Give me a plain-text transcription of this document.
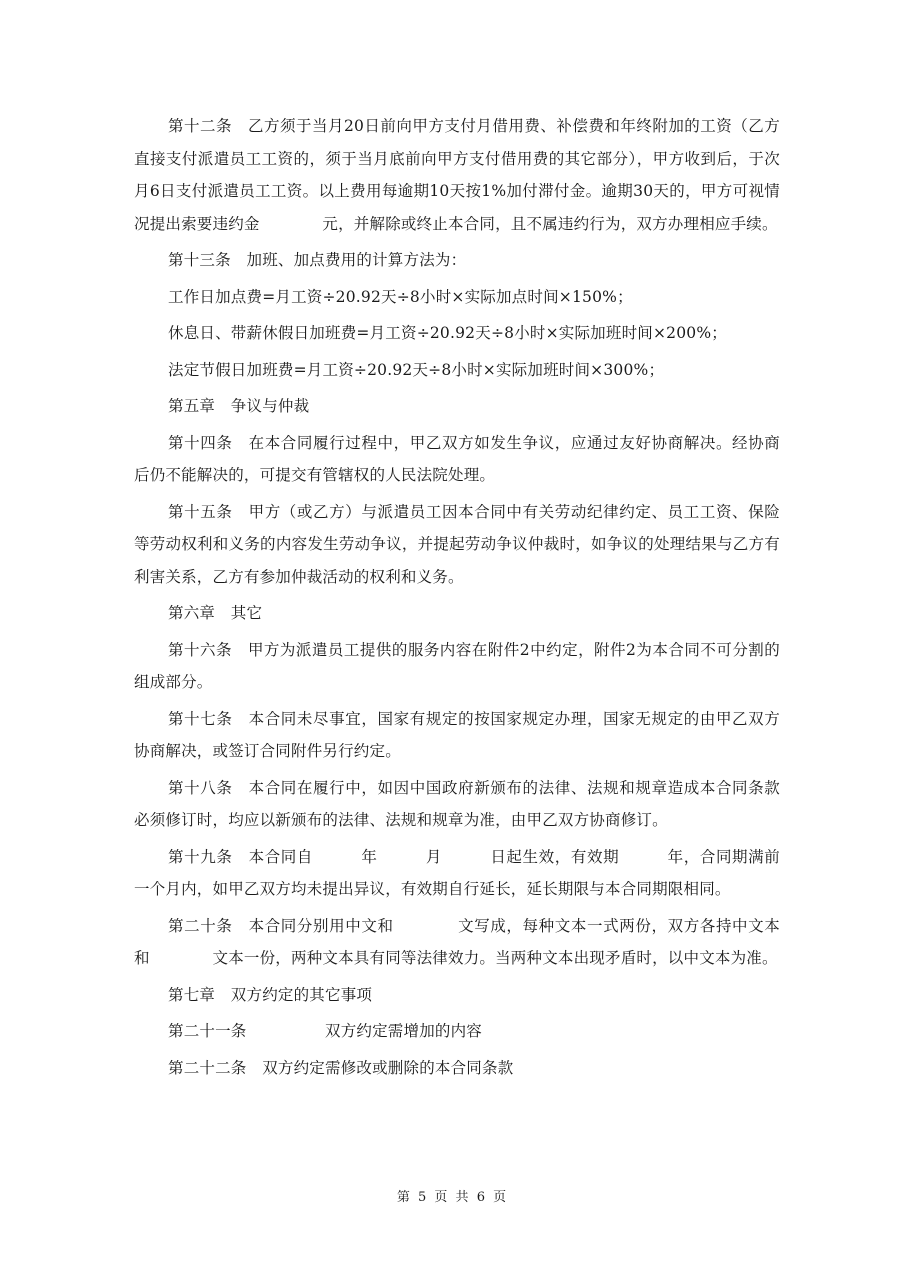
第十二条　乙方须于当月20日前向甲方支付月借用费、补偿费和年终附加的工资（乙方直接支付派遣员工工资的，须于当月底前向甲方支付借用费的其它部分），甲方收到后，于次月6日支付派遣员工工资。以上费用每逾期10天按1%加付滞付金。逾期30天的，甲方可视情况提出索要违约金　　　　元，并解除或终止本合同，且不属违约行为，双方办理相应手续。

第十三条　加班、加点费用的计算方法为：

工作日加点费=月工资÷20.92天÷8小时×实际加点时间×150%；

休息日、带薪休假日加班费=月工资÷20.92天÷8小时×实际加班时间×200%；

法定节假日加班费=月工资÷20.92天÷8小时×实际加班时间×300%；

第五章　争议与仲裁

第十四条　在本合同履行过程中，甲乙双方如发生争议，应通过友好协商解决。经协商后仍不能解决的，可提交有管辖权的人民法院处理。

第十五条　甲方（或乙方）与派遣员工因本合同中有关劳动纪律约定、员工工资、保险等劳动权利和义务的内容发生劳动争议，并提起劳动争议仲裁时，如争议的处理结果与乙方有利害关系，乙方有参加仲裁活动的权利和义务。

第六章　其它

第十六条　甲方为派遣员工提供的服务内容在附件2中约定，附件2为本合同不可分割的组成部分。

第十七条　本合同未尽事宜，国家有规定的按国家规定办理，国家无规定的由甲乙双方协商解决，或签订合同附件另行约定。

第十八条　本合同在履行中，如因中国政府新颁布的法律、法规和规章造成本合同条款必须修订时，均应以新颁布的法律、法规和规章为准，由甲乙双方协商修订。

第十九条　本合同自　　　年　　　月　　　日起生效，有效期　　　年，合同期满前一个月内，如甲乙双方均未提出异议，有效期自行延长，延长期限与本合同期限相同。

第二十条　本合同分别用中文和　　　　文写成，每种文本一式两份，双方各持中文本和　　　　文本一份，两种文本具有同等法律效力。当两种文本出现矛盾时，以中文本为准。

第七章　双方约定的其它事项

第二十一条　　　　　双方约定需增加的内容

第二十二条　双方约定需修改或删除的本合同条款

第 5 页 共 6 页
